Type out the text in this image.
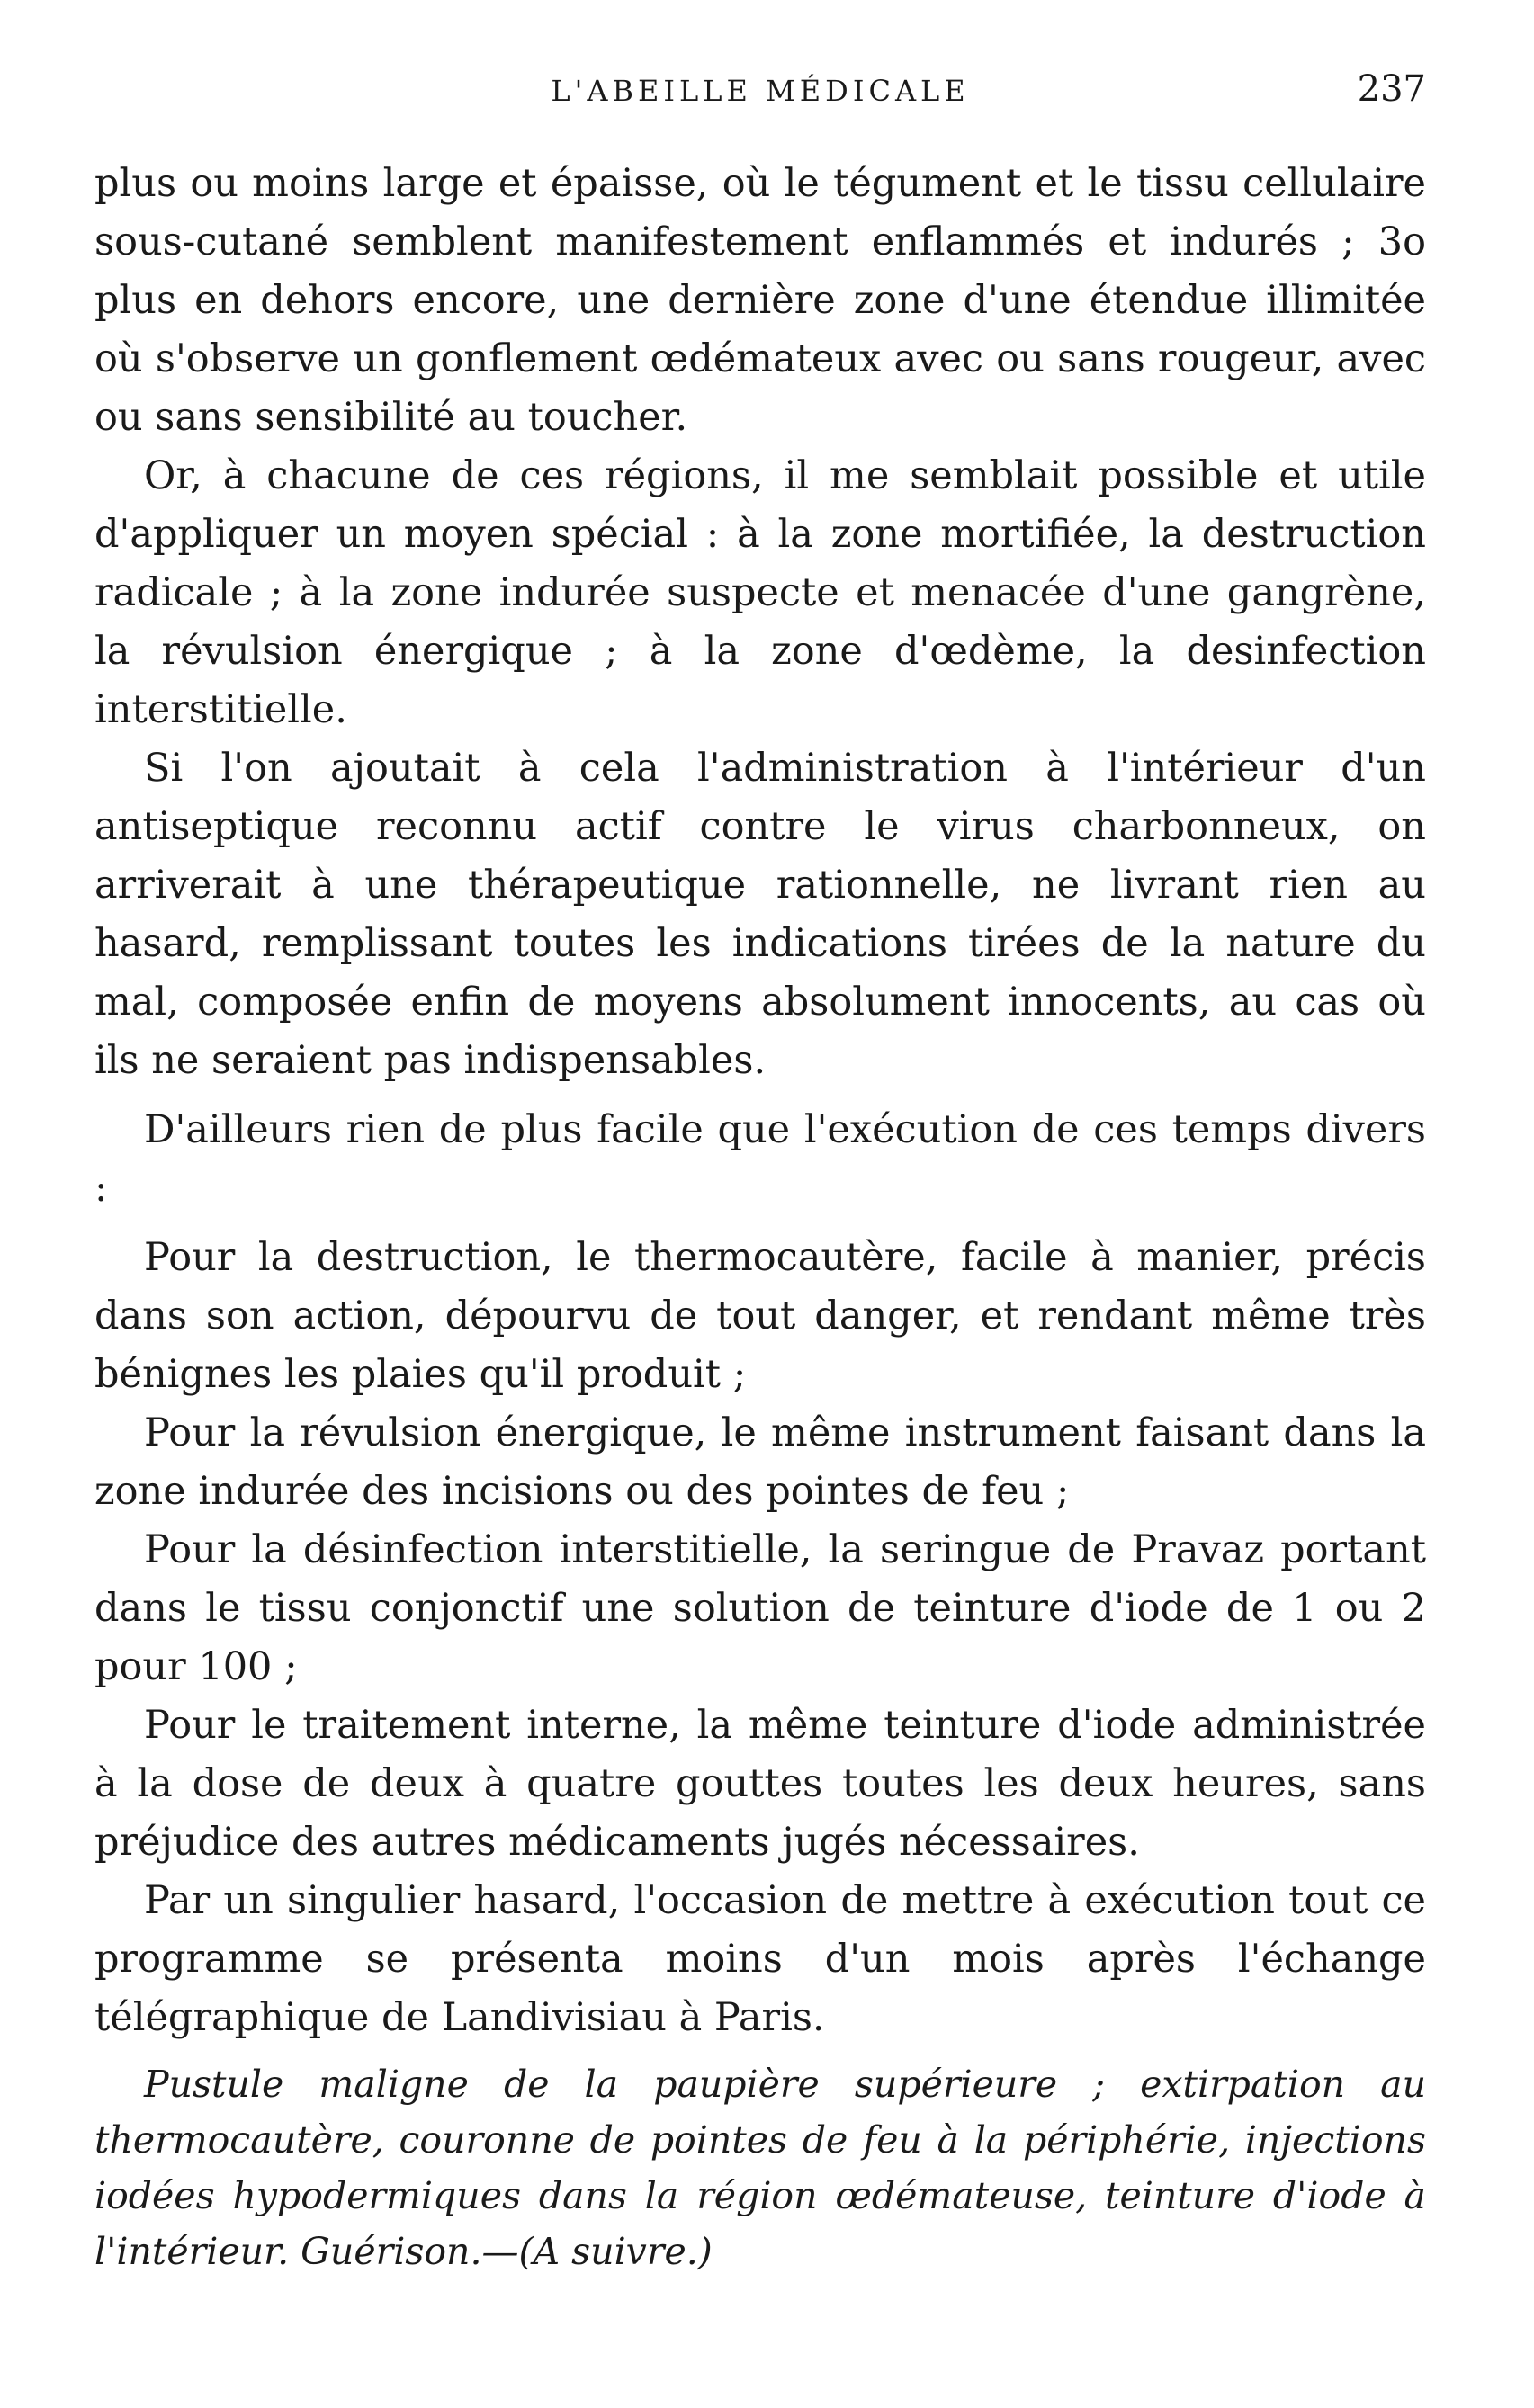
L'ABEILLE MÉDICALE	237

plus ou moins large et épaisse, où le tégument et le tissu cellulaire sous-cutané semblent manifestement enflammés et indurés ; 3o plus en dehors encore, une dernière zone d'une étendue illimitée où s'observe un gonflement œdémateux avec ou sans rougeur, avec ou sans sensibilité au toucher.

Or, à chacune de ces régions, il me semblait possible et utile d'appliquer un moyen spécial : à la zone mortifiée, la destruction radicale ; à la zone indurée suspecte et menacée d'une gangrène, la révulsion énergique ; à la zone d'œdème, la desinfection interstitielle.

Si l'on ajoutait à cela l'administration à l'intérieur d'un antiseptique reconnu actif contre le virus charbonneux, on arriverait à une thérapeutique rationnelle, ne livrant rien au hasard, remplissant toutes les indications tirées de la nature du mal, composée enfin de moyens absolument innocents, au cas où ils ne seraient pas indispensables.

D'ailleurs rien de plus facile que l'exécution de ces temps divers :

Pour la destruction, le thermocautère, facile à manier, précis dans son action, dépourvu de tout danger, et rendant même très bénignes les plaies qu'il produit ;

Pour la révulsion énergique, le même instrument faisant dans la zone indurée des incisions ou des pointes de feu ;

Pour la désinfection interstitielle, la seringue de Pravaz portant dans le tissu conjonctif une solution de teinture d'iode de 1 ou 2 pour 100 ;

Pour le traitement interne, la même teinture d'iode administrée à la dose de deux à quatre gouttes toutes les deux heures, sans préjudice des autres médicaments jugés nécessaires.

Par un singulier hasard, l'occasion de mettre à exécution tout ce programme se présenta moins d'un mois après l'échange télégraphique de Landivisiau à Paris.

Pustule maligne de la paupière supérieure ; extirpation au thermocautère, couronne de pointes de feu à la périphérie, injections iodées hypodermiques dans la région œdémateuse, teinture d'iode à l'intérieur. Guérison.—(A suivre.)
